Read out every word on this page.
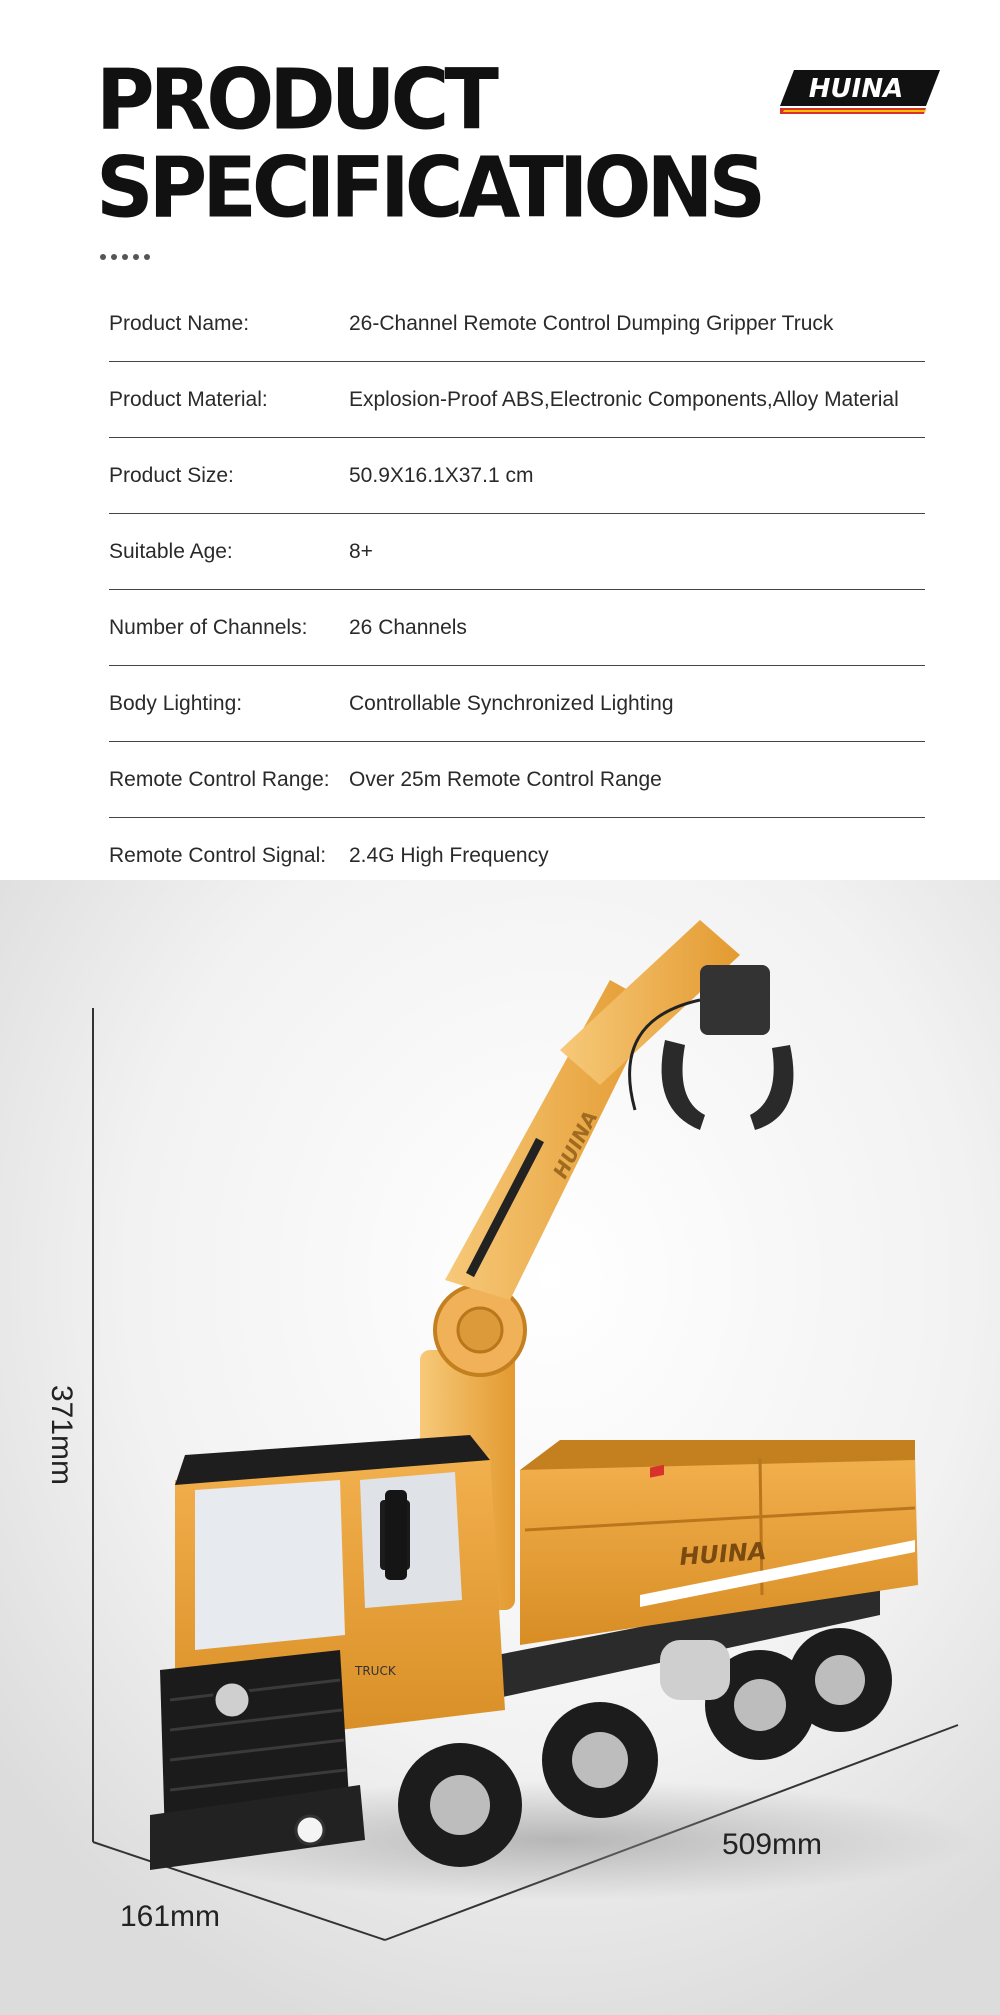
PRODUCT
SPECIFICATIONS
HUINA
Product Name:	26-Channel Remote Control Dumping Gripper Truck
Product Material:	Explosion-Proof ABS,Electronic Components,Alloy Material
Product Size:	50.9X16.1X37.1 cm
Suitable Age:	8+
Number of Channels:	26 Channels
Body Lighting:	Controllable Synchronized Lighting
Remote Control Range: Over 25m Remote Control Range
Remote Control Signal:	2.4G High Frequency
HUINA
HUINA
TRUCK
371mm
509mm
161mm
